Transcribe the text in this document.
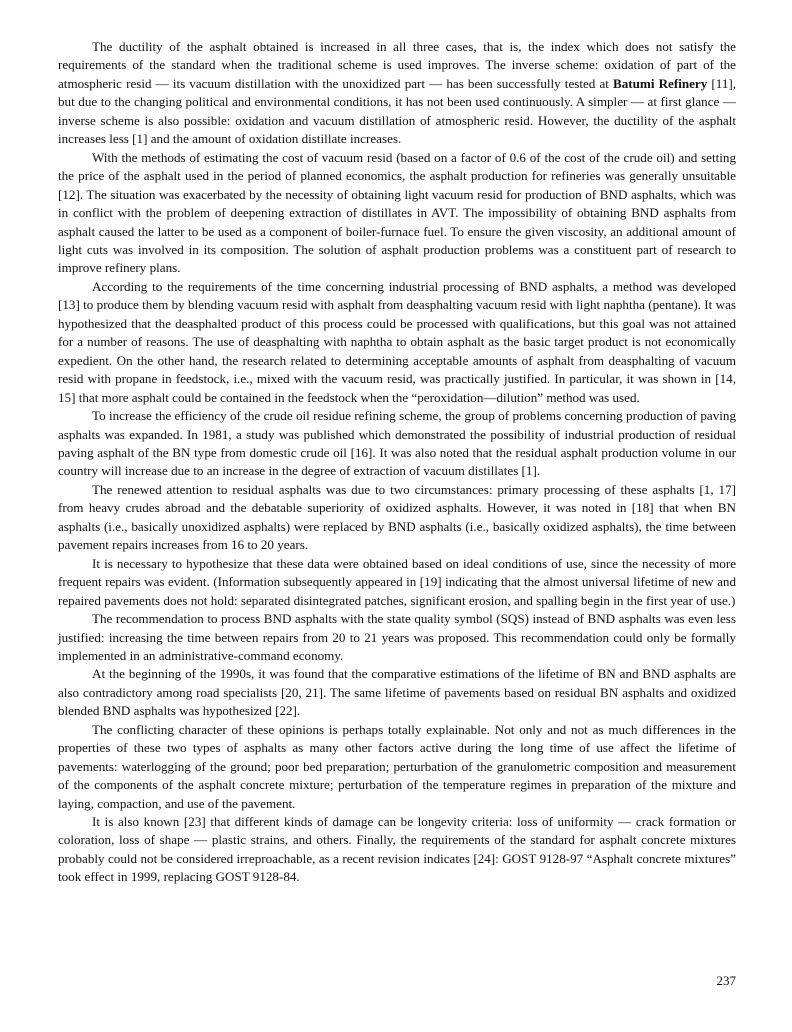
The ductility of the asphalt obtained is increased in all three cases, that is, the index which does not satisfy the requirements of the standard when the traditional scheme is used improves. The inverse scheme: oxidation of part of the atmospheric resid — its vacuum distillation with the unoxidized part — has been successfully tested at Batumi Refinery [11], but due to the changing political and environmental conditions, it has not been used continuously. A simpler — at first glance — inverse scheme is also possible: oxidation and vacuum distillation of atmospheric resid. However, the ductility of the asphalt increases less [1] and the amount of oxidation distillate increases.

With the methods of estimating the cost of vacuum resid (based on a factor of 0.6 of the cost of the crude oil) and setting the price of the asphalt used in the period of planned economics, the asphalt production for refineries was generally unsuitable [12]. The situation was exacerbated by the necessity of obtaining light vacuum resid for production of BND asphalts, which was in conflict with the problem of deepening extraction of distillates in AVT. The impossibility of obtaining BND asphalts from asphalt caused the latter to be used as a component of boiler-furnace fuel. To ensure the given viscosity, an additional amount of light cuts was involved in its composition. The solution of asphalt production problems was a constituent part of research to improve refinery plans.

According to the requirements of the time concerning industrial processing of BND asphalts, a method was developed [13] to produce them by blending vacuum resid with asphalt from deasphalting vacuum resid with light naphtha (pentane). It was hypothesized that the deasphalted product of this process could be processed with qualifications, but this goal was not attained for a number of reasons. The use of deasphalting with naphtha to obtain asphalt as the basic target product is not economically expedient. On the other hand, the research related to determining acceptable amounts of asphalt from deasphalting of vacuum resid with propane in feedstock, i.e., mixed with the vacuum resid, was practically justified. In particular, it was shown in [14, 15] that more asphalt could be contained in the feedstock when the “peroxidation—dilution” method was used.

To increase the efficiency of the crude oil residue refining scheme, the group of problems concerning production of paving asphalts was expanded. In 1981, a study was published which demonstrated the possibility of industrial production of residual paving asphalt of the BN type from domestic crude oil [16]. It was also noted that the residual asphalt production volume in our country will increase due to an increase in the degree of extraction of vacuum distillates [1].

The renewed attention to residual asphalts was due to two circumstances: primary processing of these asphalts [1, 17] from heavy crudes abroad and the debatable superiority of oxidized asphalts. However, it was noted in [18] that when BN asphalts (i.e., basically unoxidized asphalts) were replaced by BND asphalts (i.e., basically oxidized asphalts), the time between pavement repairs increases from 16 to 20 years.

It is necessary to hypothesize that these data were obtained based on ideal conditions of use, since the necessity of more frequent repairs was evident. (Information subsequently appeared in [19] indicating that the almost universal lifetime of new and repaired pavements does not hold: separated disintegrated patches, significant erosion, and spalling begin in the first year of use.)

The recommendation to process BND asphalts with the state quality symbol (SQS) instead of BND asphalts was even less justified: increasing the time between repairs from 20 to 21 years was proposed. This recommendation could only be formally implemented in an administrative-command economy.

At the beginning of the 1990s, it was found that the comparative estimations of the lifetime of BN and BND asphalts are also contradictory among road specialists [20, 21]. The same lifetime of pavements based on residual BN asphalts and oxidized blended BND asphalts was hypothesized [22].

The conflicting character of these opinions is perhaps totally explainable. Not only and not as much differences in the properties of these two types of asphalts as many other factors active during the long time of use affect the lifetime of pavements: waterlogging of the ground; poor bed preparation; perturbation of the granulometric composition and measurement of the components of the asphalt concrete mixture; perturbation of the temperature regimes in preparation of the mixture and laying, compaction, and use of the pavement.

It is also known [23] that different kinds of damage can be longevity criteria: loss of uniformity — crack formation or coloration, loss of shape — plastic strains, and others. Finally, the requirements of the standard for asphalt concrete mixtures probably could not be considered irreproachable, as a recent revision indicates [24]: GOST 9128-97 “Asphalt concrete mixtures” took effect in 1999, replacing GOST 9128-84.

237
